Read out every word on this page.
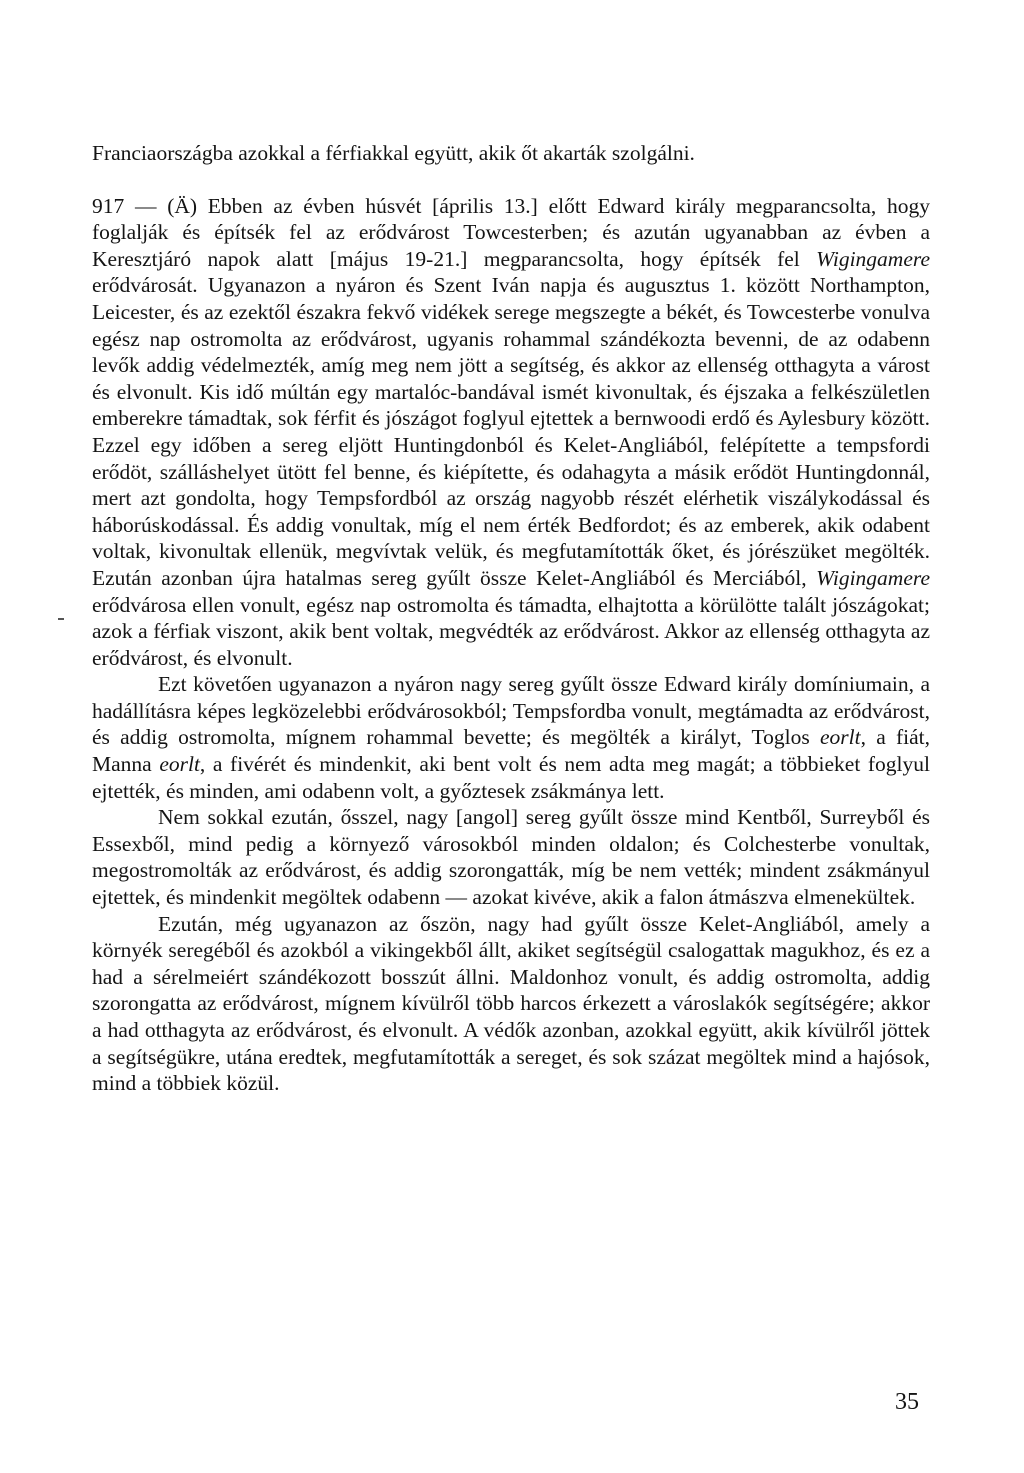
Franciaországba azokkal a férfiakkal együtt, akik őt akarták szolgálni.

917 — (Ä) Ebben az évben húsvét [április 13.] előtt Edward király megparancsolta, hogy foglalják és építsék fel az erődvárost Towcesterben; és azután ugyanabban az évben a Keresztjáró napok alatt [május 19-21.] megparancsolta, hogy építsék fel Wigingamere erődvárosát. Ugyanazon a nyáron és Szent Iván napja és augusztus 1. között Northampton, Leicester, és az ezektől északra fekvő vidékek serege megszegte a békét, és Towcesterbe vonulva egész nap ostromolta az erődvárost, ugyanis rohammal szándékozta bevenni, de az odabenn levők addig védelmezték, amíg meg nem jött a segítség, és akkor az ellenség otthagyta a várost és elvonult. Kis idő múltán egy martalóc-bandával ismét kivonultak, és éjszaka a felkészületlen emberekre támadtak, sok férfit és jószágot foglyul ejtettek a bernwoodi erdő és Aylesbury között. Ezzel egy időben a sereg eljött Huntingdonból és Kelet-Angliából, felépítette a tempsfordi erődöt, szálláshelyet ütött fel benne, és kiépítette, és odahagyta a másik erődöt Huntingdonnál, mert azt gondolta, hogy Tempsfordból az ország nagyobb részét elérhetik viszálykodással és háborúskodással. És addig vonultak, míg el nem érték Bedfordot; és az emberek, akik odabent voltak, kivonultak ellenük, megvívtak velük, és megfutamították őket, és jórészüket megölték. Ezután azonban újra hatalmas sereg gyűlt össze Kelet-Angliából és Merciából, Wigingamere erődvárosa ellen vonult, egész nap ostromolta és támadta, elhajtotta a körülötte talált jószágokat; azok a férfiak viszont, akik bent voltak, megvédték az erődvárost. Akkor az ellenség otthagyta az erődvárost, és elvonult.

Ezt követően ugyanazon a nyáron nagy sereg gyűlt össze Edward király domíniumain, a hadállításra képes legközelebbi erődvárosokból; Tempsfordba vonult, megtámadta az erődvárost, és addig ostromolta, mígnem rohammal bevette; és megölték a királyt, Toglos eorlt, a fiát, Manna eorlt, a fivérét és mindenkit, aki bent volt és nem adta meg magát; a többieket foglyul ejtették, és minden, ami odabenn volt, a győztesek zsákmánya lett.

Nem sokkal ezután, ősszel, nagy [angol] sereg gyűlt össze mind Kentből, Surreyből és Essexből, mind pedig a környező városokból minden oldalon; és Colchesterbe vonultak, megostromolták az erődvárost, és addig szorongatták, míg be nem vették; mindent zsákmányul ejtettek, és mindenkit megöltek odabenn — azokat kivéve, akik a falon átmászva elmenekültek.

Ezután, még ugyanazon az őszön, nagy had gyűlt össze Kelet-Angliából, amely a környék seregéből és azokból a vikingekből állt, akiket segítségül csalogattak magukhoz, és ez a had a sérelmeiért szándékozott bosszút állni. Maldonhoz vonult, és addig ostromolta, addig szorongatta az erődvárost, mígnem kívülről több harcos érkezett a városlakók segítségére; akkor a had otthagyta az erődvárost, és elvonult. A védők azonban, azokkal együtt, akik kívülről jöttek a segítségükre, utána eredtek, megfutamították a sereget, és sok százat megöltek mind a hajósok, mind a többiek közül.

35
